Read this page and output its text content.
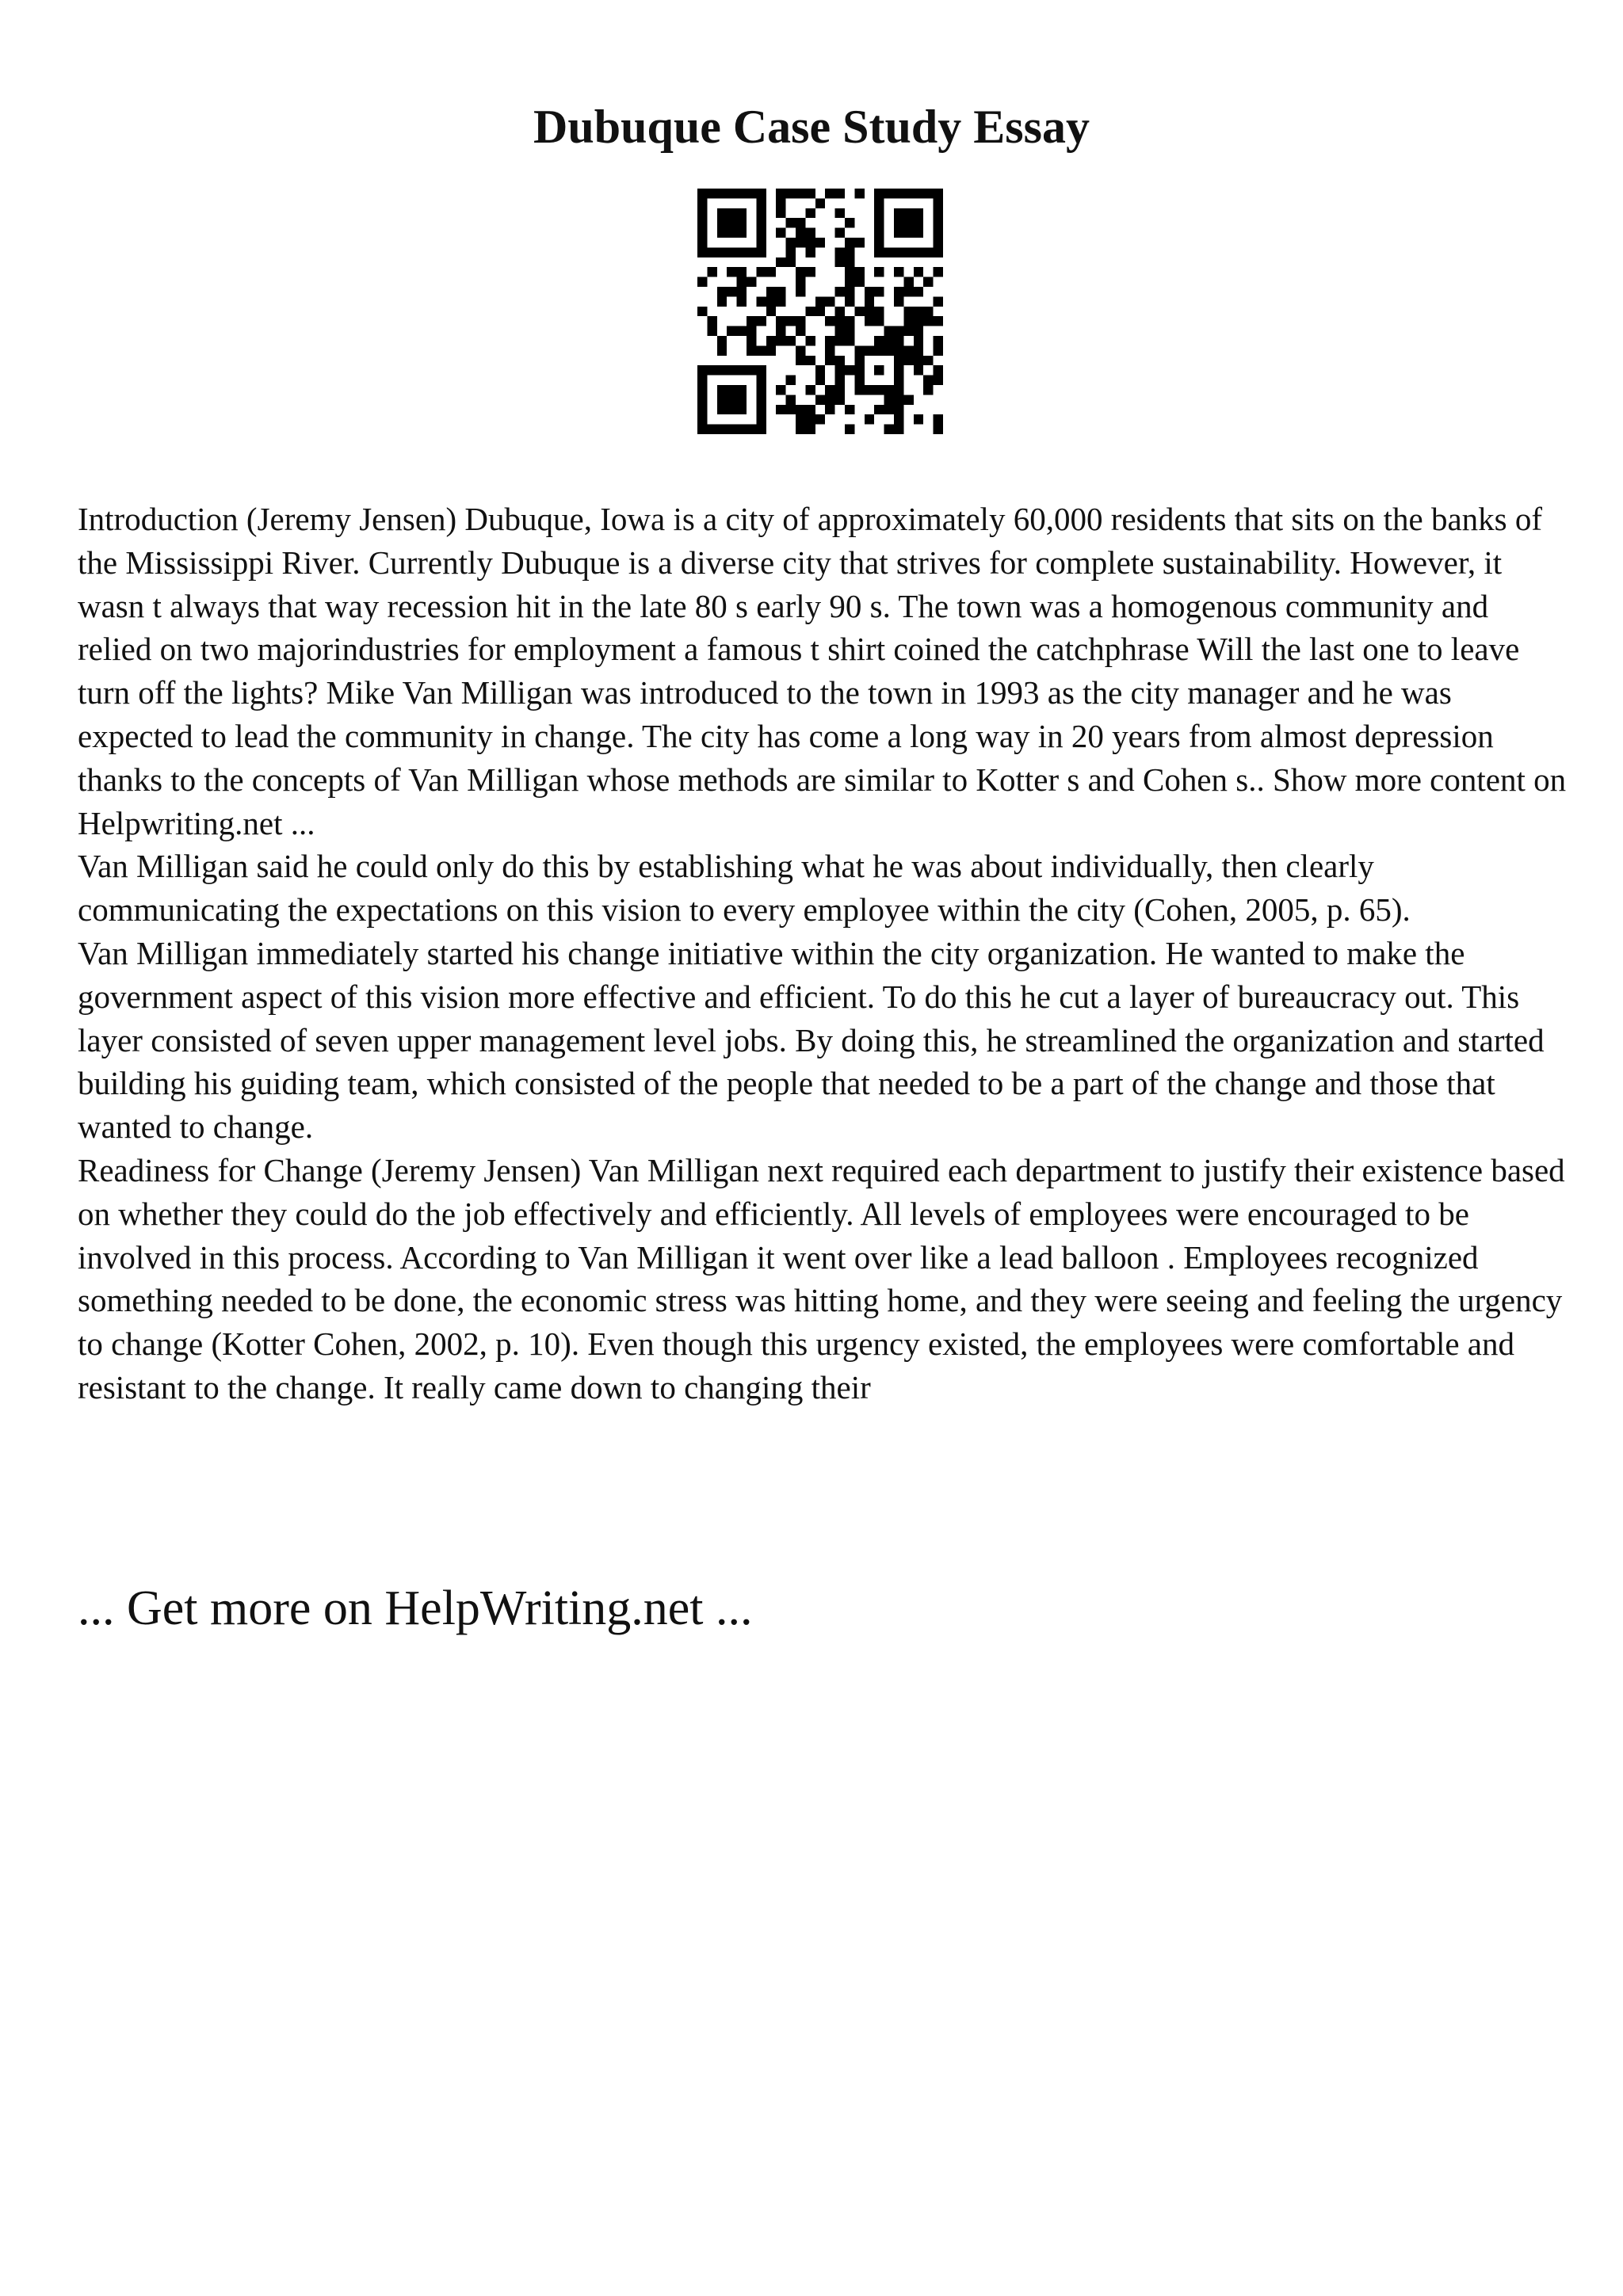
Dubuque Case Study Essay

Introduction (Jeremy Jensen) Dubuque, Iowa is a city of approximately 60,000 residents that sits on the banks of the Mississippi River. Currently Dubuque is a diverse city that strives for complete sustainability. However, it wasn t always that way recession hit in the late 80 s early 90 s. The town was a homogenous community and relied on two majorindustries for employment a famous t shirt coined the catchphrase Will the last one to leave turn off the lights? Mike Van Milligan was introduced to the town in 1993 as the city manager and he was expected to lead the community in change. The city has come a long way in 20 years from almost depression thanks to the concepts of Van Milligan whose methods are similar to Kotter s and Cohen s.. Show more content on Helpwriting.net ...

Van Milligan said he could only do this by establishing what he was about individually, then clearly communicating the expectations on this vision to every employee within the city (Cohen, 2005, p. 65).

Van Milligan immediately started his change initiative within the city organization. He wanted to make the government aspect of this vision more effective and efficient. To do this he cut a layer of bureaucracy out. This layer consisted of seven upper management level jobs. By doing this, he streamlined the organization and started building his guiding team, which consisted of the people that needed to be a part of the change and those that wanted to change.

Readiness for Change (Jeremy Jensen) Van Milligan next required each department to justify their existence based on whether they could do the job effectively and efficiently. All levels of employees were encouraged to be involved in this process. According to Van Milligan it went over like a lead balloon . Employees recognized something needed to be done, the economic stress was hitting home, and they were seeing and feeling the urgency to change (Kotter Cohen, 2002, p. 10). Even though this urgency existed, the employees were comfortable and resistant to the change. It really came down to changing their

... Get more on HelpWriting.net ...
